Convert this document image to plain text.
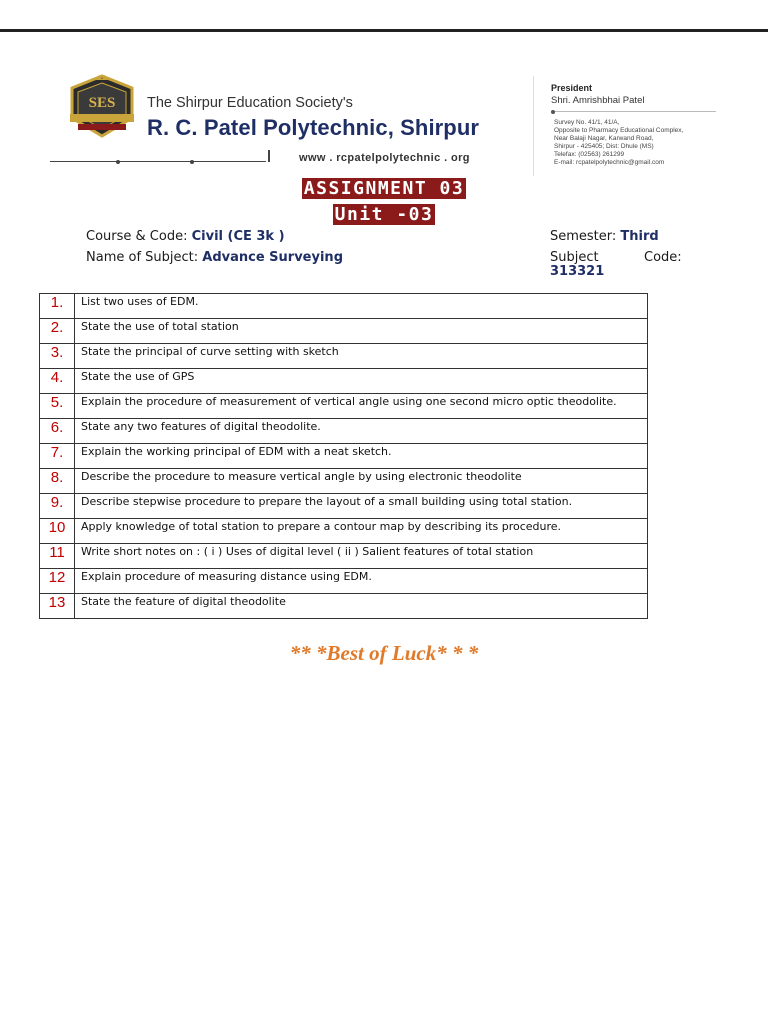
SES The Shirpur Education Society's
R. C. Patel Polytechnic, Shirpur
www . rcpatelpolytechnic . org
President
Shri. Amrishbhai Patel
Survey No. 41/1, 41/A,
Opposite to Pharmacy Educational Complex,
Near Balaji Nagar, Karwand Road,
Shirpur - 425405; Dist: Dhule (MS)
Telefax: (02563) 261299
E-mail: rcpatelpolytechnic@gmail.com
ASSIGNMENT 03
Unit -03
Course & Code: Civil (CE 3k )
Name of Subject: Advance Surveying
Semester: Third
Subject	Code:
313321
1.	List two uses of EDM.
2.	State the use of total station
3.	State the principal of curve setting with sketch
4.	State the use of GPS
5.	Explain the procedure of measurement of vertical angle using one second micro optic theodolite.
6.	State any two features of digital theodolite.
7.	Explain the working principal of EDM with a neat sketch.
8.	Describe the procedure to measure vertical angle by using electronic theodolite
9.	Describe stepwise procedure to prepare the layout of a small building using total station.
10	Apply knowledge of total station to prepare a contour map by describing its procedure.
11	Write short notes on : ( i ) Uses of digital level ( ii ) Salient features of total station
12	Explain procedure of measuring distance using EDM.
13	State the feature of digital theodolite
** *Best of Luck* * *
